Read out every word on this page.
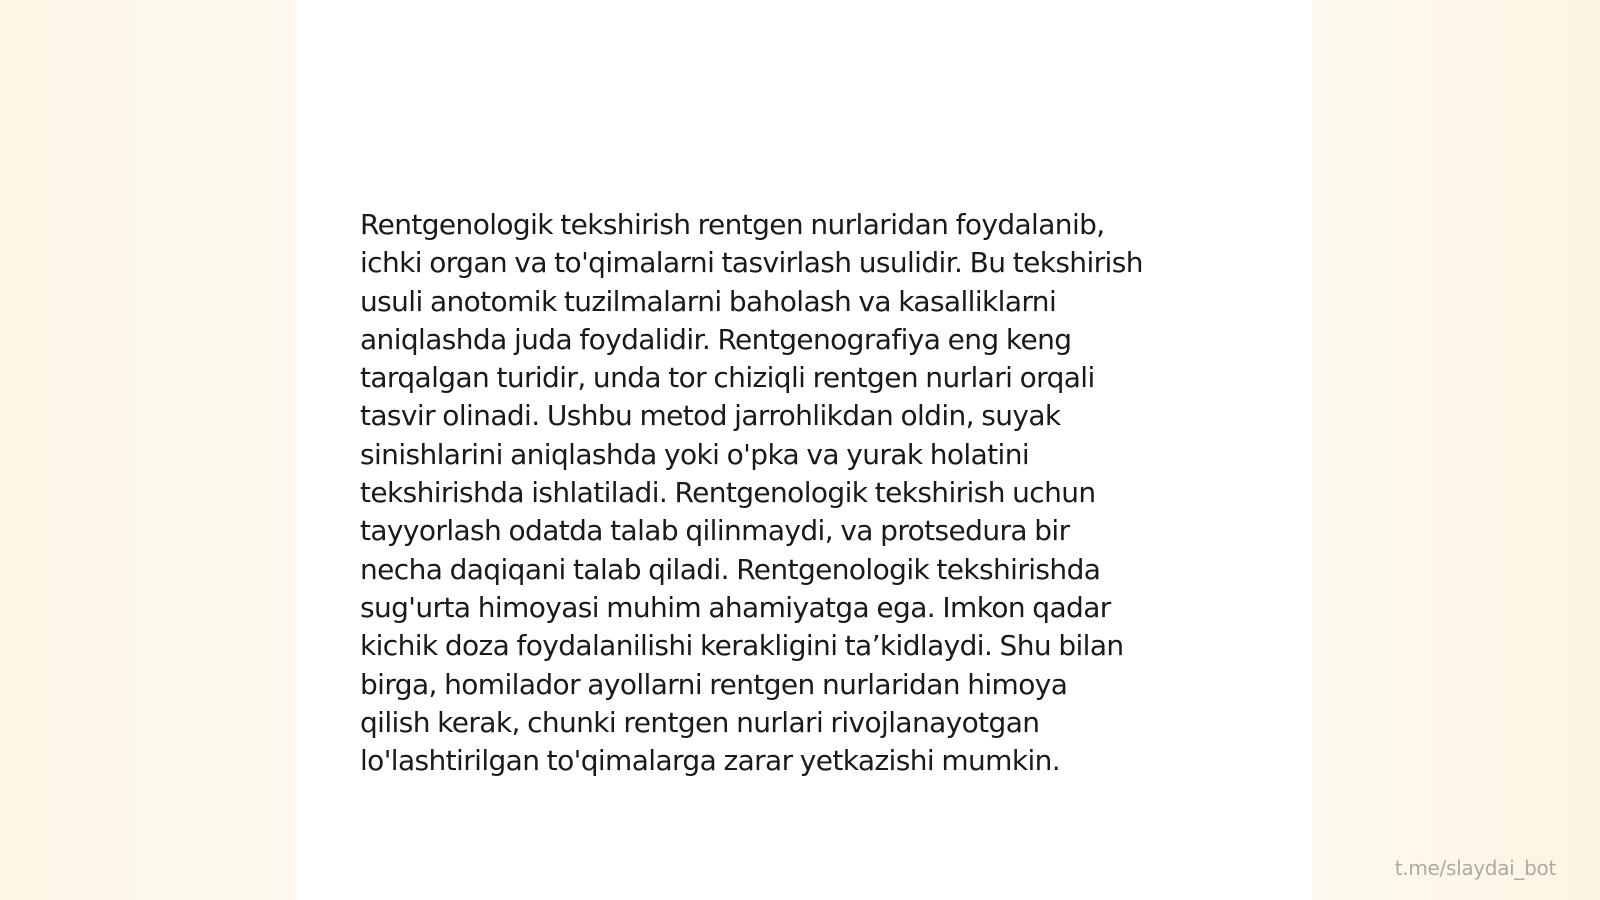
Rentgenologik tekshirish rentgen nurlaridan foydalanib,
ichki organ va to'qimalarni tasvirlash usulidir. Bu tekshirish
usuli anotomik tuzilmalarni baholash va kasalliklarni
aniqlashda juda foydalidir. Rentgenografiya eng keng
tarqalgan turidir, unda tor chiziqli rentgen nurlari orqali
tasvir olinadi. Ushbu metod jarrohlikdan oldin, suyak
sinishlarini aniqlashda yoki o'pka va yurak holatini
tekshirishda ishlatiladi. Rentgenologik tekshirish uchun
tayyorlash odatda talab qilinmaydi, va protsedura bir
necha daqiqani talab qiladi. Rentgenologik tekshirishda
sug'urta himoyasi muhim ahamiyatga ega. Imkon qadar
kichik doza foydalanilishi kerakligini ta’kidlaydi. Shu bilan
birga, homilador ayollarni rentgen nurlaridan himoya
qilish kerak, chunki rentgen nurlari rivojlanayotgan
lo'lashtirilgan to'qimalarga zarar yetkazishi mumkin.

t.me/slaydai_bot
